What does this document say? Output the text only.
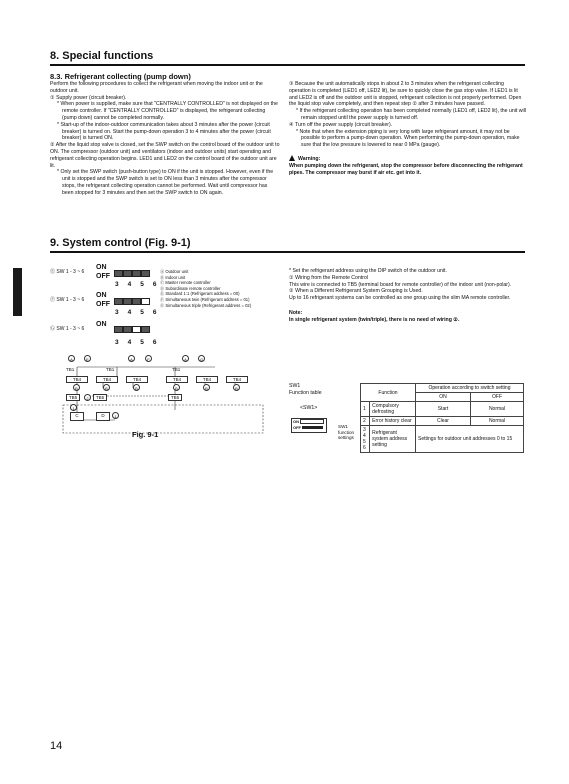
8. Special functions
8.3. Refrigerant collecting (pump down)

Perform the following procedures to collect the refrigerant when moving the indoor unit or the outdoor unit.

① Supply power (circuit breaker).

* When power is supplied, make sure that "CENTRALLY CONTROLLED" is not displayed on the remote controller. If "CENTRALLY CONTROLLED" is displayed, the refrigerant collecting (pump down) cannot be completed normally.

* Start-up of the indoor-outdoor communication takes about 3 minutes after the power (circuit breaker) is turned on. Start the pump-down operation 3 to 4 minutes after the power (circuit breaker) is turned ON.

② After the liquid stop valve is closed, set the SWP switch on the control board of the outdoor unit to ON. The compressor (outdoor unit) and ventilators (indoor and outdoor units) start operating and refrigerant collecting operation begins. LED1 and LED2 on the control board of the outdoor unit are lit.

* Only set the SWP switch (push-button type) to ON if the unit is stopped. However, even if the unit is stopped and the SWP switch is set to ON less than 3 minutes after the compressor stops, the refrigerant collecting operation cannot be performed. Wait until compressor has been stopped for 3 minutes and then set the SWP switch to ON again.

③ Because the unit automatically stops in about 2 to 3 minutes when the refrigerant collecting operation is completed (LED1 off, LED2 lit), be sure to quickly close the gas stop valve. If LED1 is lit and LED2 is off and the outdoor unit is stopped, refrigerant collection is not properly performed. Open the liquid stop valve completely, and then repeat step ② after 3 minutes have passed.

* If the refrigerant collecting operation has been completed normally (LED1 off, LED2 lit), the unit will remain stopped until the power supply is turned off.

④ Turn off the power supply (circuit breaker).

* Note that when the extension piping is very long with large refrigerant amount, it may not be possible to perform a pump-down operation. When performing the pump-down operation, make sure that the low pressure is lowered to near 0 MPa (gauge).

Warning:

When pumping down the refrigerant, stop the compressor before disconnecting the refrigerant pipes. The compressor may burst if air etc. get into it.

9. System control (Fig. 9-1)
Ⓔ SW 1 - 3 ~ 6
ON
OFF
3 4 5 6
Ⓕ SW 1 - 3 ~ 6
ON
OFF
3 4 5 6
Ⓖ SW 1 - 3 ~ 6
ON
3 4 5 6
Ⓐ Outdoor unit
Ⓑ Indoor unit
Ⓒ Master remote controller
Ⓓ Subordinate remote controller
Ⓔ Standard 1:1 (Refrigerant address = 00)
Ⓕ Simultaneous twin (Refrigerant address = 01)
Ⓖ Simultaneous triple (Refrigerant address = 02)
A	E	A	F	A	G
TB1	TB1	TB1
TB4	TB4	TB4	TB4	TB4	TB4
B	B	B	B	B	B
TB5	2	TB5	TB5
1
C	D	1
Fig. 9-1

* Set the refrigerant address using the DIP switch of the outdoor unit.

① Wiring from the Remote Control

This wire is connected to TB5 (terminal board for remote controller) of the indoor unit (non-polar).

② When a Different Refrigerant System Grouping is Used.

Up to 16 refrigerant systems can be controlled as one group using the slim MA remote controller.

Note:

In single refrigerant system (twin/triple), there is no need of wiring ②.

SW1
Function table
<SW1>
ON
OFF
Function		Operation according to switch setting	
		ON	OFF
1	Compulsory defrosting	Start	Normal
2	Error history clear	Clear	Normal
3 4 5 6	Refrigerant system address setting	Settings for outdoor unit addresses 0 to 15	
SW1 function settings
14
